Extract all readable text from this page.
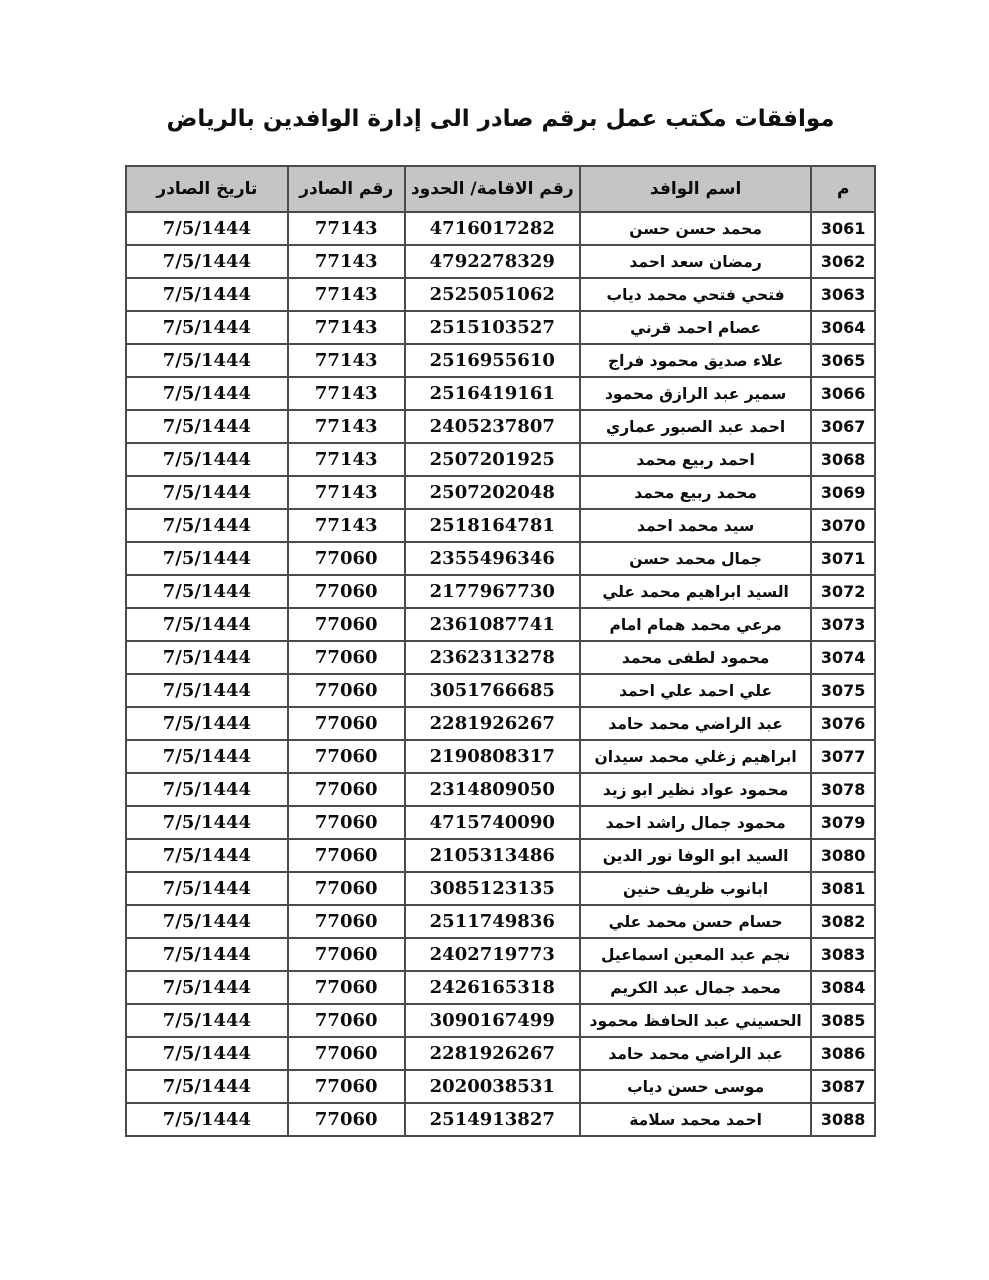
موافقات مكتب عمل برقم صادر الى إدارة الوافدين بالرياض
م	اسم الوافد	رقم الاقامة/ الحدود	رقم الصادر	تاريخ الصادر
3061	محمد حسن حسن	4716017282	77143	7/5/1444
3062	رمضان سعد احمد	4792278329	77143	7/5/1444
3063	فتحي فتحي محمد دياب	2525051062	77143	7/5/1444
3064	عصام احمد قرني	2515103527	77143	7/5/1444
3065	علاء صديق محمود فراج	2516955610	77143	7/5/1444
3066	سمير عبد الرازق محمود	2516419161	77143	7/5/1444
3067	احمد عبد الصبور عماري	2405237807	77143	7/5/1444
3068	احمد ربيع محمد	2507201925	77143	7/5/1444
3069	محمد ربيع محمد	2507202048	77143	7/5/1444
3070	سيد محمد احمد	2518164781	77143	7/5/1444
3071	جمال محمد حسن	2355496346	77060	7/5/1444
3072	السيد ابراهيم محمد علي	2177967730	77060	7/5/1444
3073	مرعي محمد همام امام	2361087741	77060	7/5/1444
3074	محمود لطفى محمد	2362313278	77060	7/5/1444
3075	علي احمد علي احمد	3051766685	77060	7/5/1444
3076	عبد الراضي محمد حامد	2281926267	77060	7/5/1444
3077	ابراهيم زغلي محمد سيدان	2190808317	77060	7/5/1444
3078	محمود عواد نظير ابو زيد	2314809050	77060	7/5/1444
3079	محمود جمال راشد احمد	4715740090	77060	7/5/1444
3080	السيد ابو الوفا نور الدين	2105313486	77060	7/5/1444
3081	ابانوب ظريف حنين	3085123135	77060	7/5/1444
3082	حسام حسن محمد علي	2511749836	77060	7/5/1444
3083	نجم عبد المعين اسماعيل	2402719773	77060	7/5/1444
3084	محمد جمال عبد الكريم	2426165318	77060	7/5/1444
3085	الحسيني عبد الحافظ محمود	3090167499	77060	7/5/1444
3086	عبد الراضي محمد حامد	2281926267	77060	7/5/1444
3087	موسى حسن دياب	2020038531	77060	7/5/1444
3088	احمد محمد سلامة	2514913827	77060	7/5/1444
